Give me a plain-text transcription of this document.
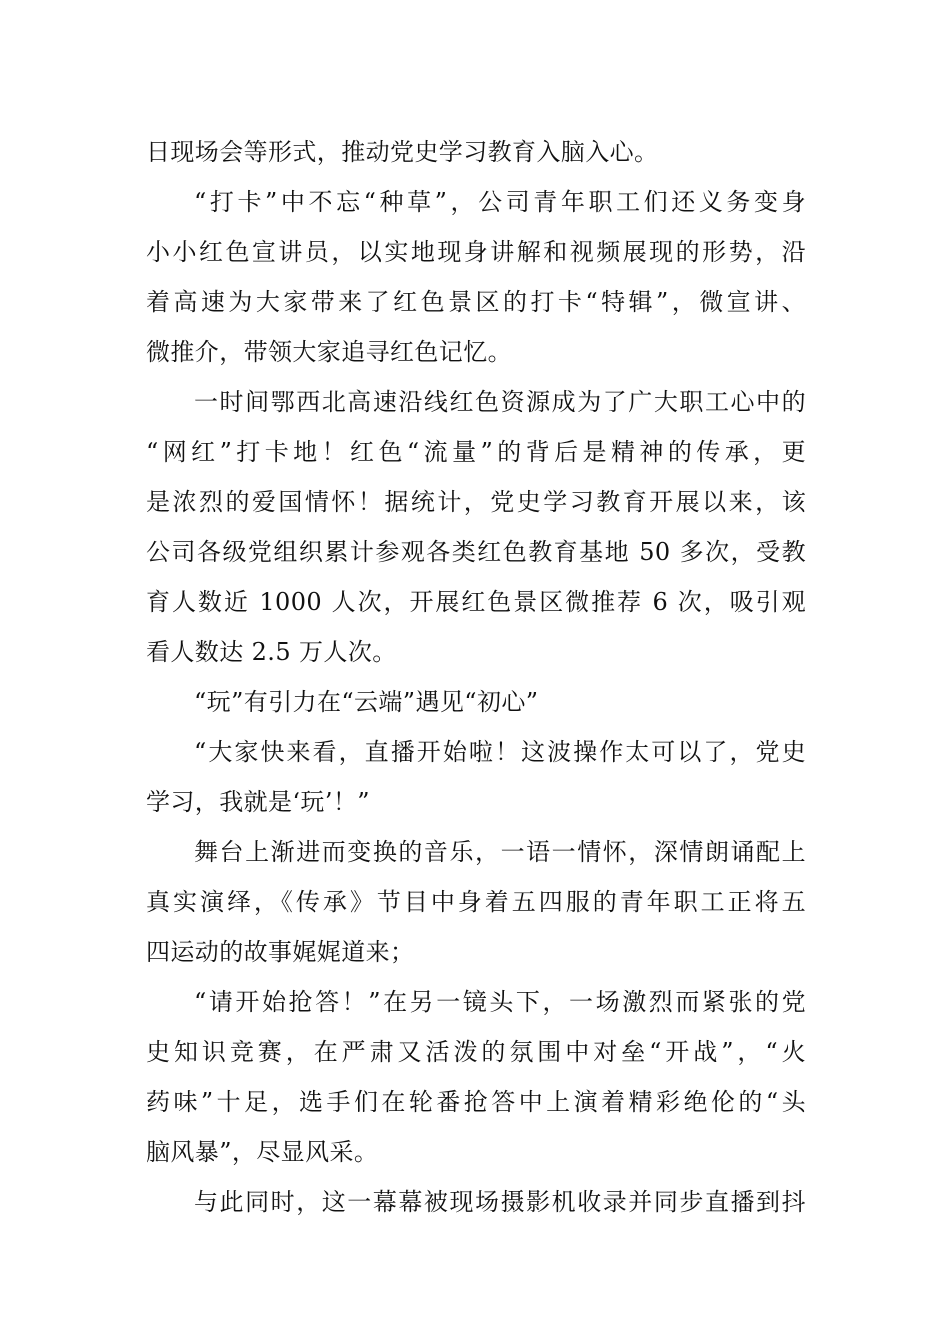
日现场会等形式，推动党史学习教育入脑入心。
“打卡”中不忘“种草”，公司青年职工们还义务变身
小小红色宣讲员，以实地现身讲解和视频展现的形势，沿
着高速为大家带来了红色景区的打卡“特辑”，微宣讲、
微推介，带领大家追寻红色记忆。
一时间鄂西北高速沿线红色资源成为了广大职工心中的
“网红”打卡地！红色“流量”的背后是精神的传承，更
是浓烈的爱国情怀！据统计，党史学习教育开展以来，该
公司各级党组织累计参观各类红色教育基地 50 多次，受教
育人数近 1000 人次，开展红色景区微推荐 6 次，吸引观
看人数达 2.5 万人次。
“玩”有引力在“云端”遇见“初心”
“大家快来看，直播开始啦！这波操作太可以了，党史
学习，我就是‘玩’！”
舞台上渐进而变换的音乐，一语一情怀，深情朗诵配上
真实演绎，《传承》节目中身着五四服的青年职工正将五
四运动的故事娓娓道来；
“请开始抢答！”在另一镜头下，一场激烈而紧张的党
史知识竞赛，在严肃又活泼的氛围中对垒“开战”，“火
药味”十足，选手们在轮番抢答中上演着精彩绝伦的“头
脑风暴”，尽显风采。
与此同时，这一幕幕被现场摄影机收录并同步直播到抖
